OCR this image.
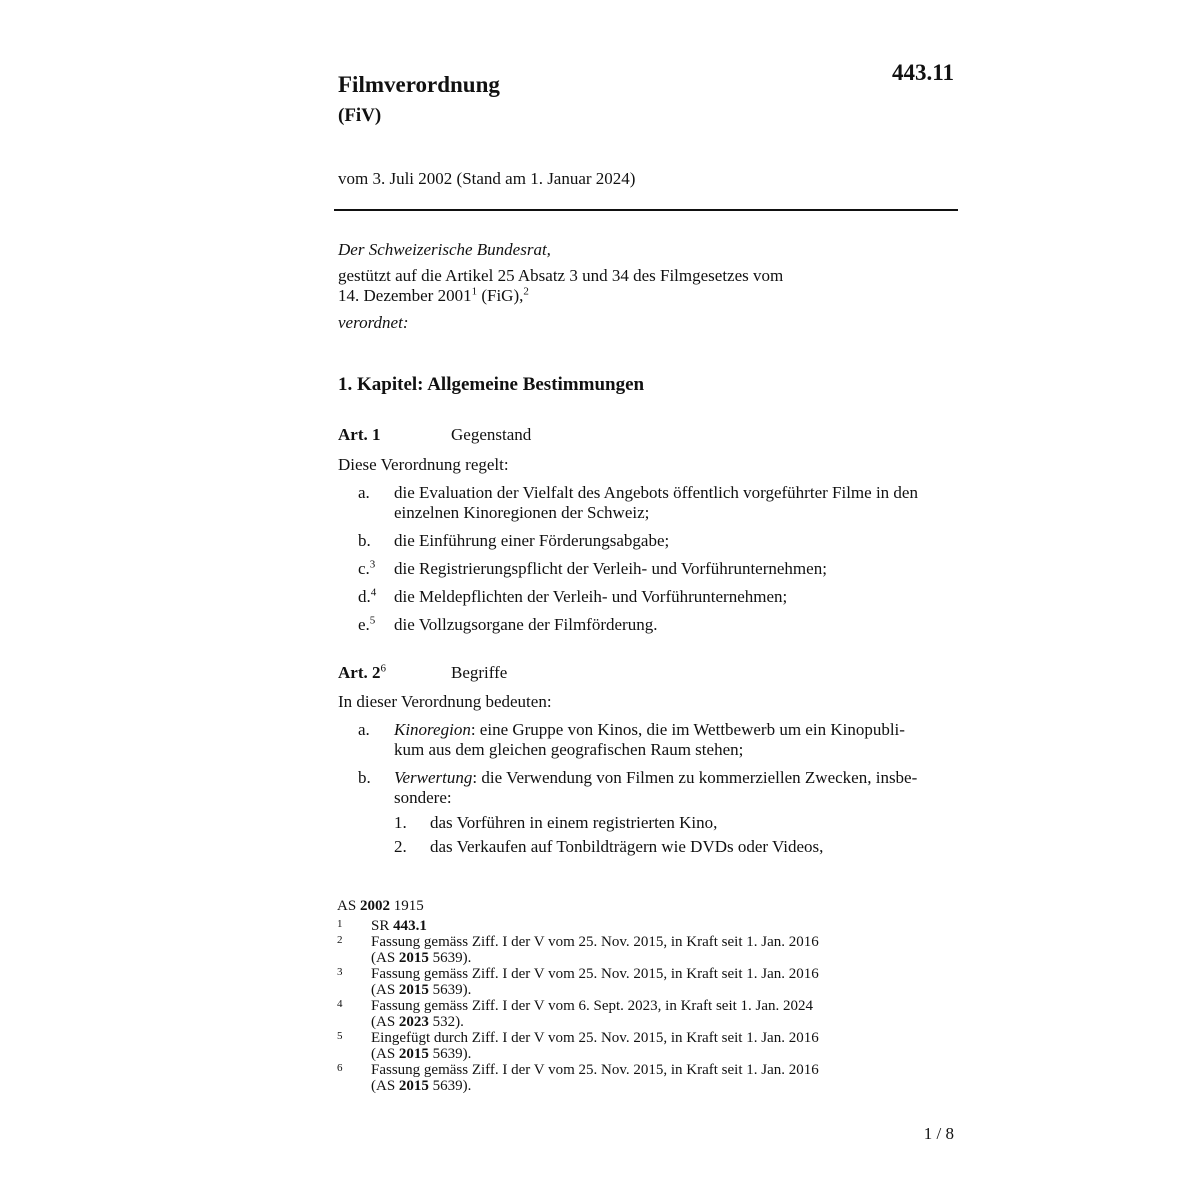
443.11
Filmverordnung
(FiV)
vom 3. Juli 2002 (Stand am 1. Januar 2024)
Der Schweizerische Bundesrat,
gestützt auf die Artikel 25 Absatz 3 und 34 des Filmgesetzes vom
14. Dezember 2001$^1$ (FiG),$^2$
verordnet:
1. Kapitel: Allgemeine Bestimmungen
Art. 1	Gegenstand
Diese Verordnung regelt:
a. die Evaluation der Vielfalt des Angebots öffentlich vorgeführter Filme in den
einzelnen Kinoregionen der Schweiz;
b. die Einführung einer Förderungsabgabe;
c.$^3$ die Registrierungspflicht der Verleih- und Vorführunternehmen;
d.$^4$ die Meldepflichten der Verleih- und Vorführunternehmen;
e.$^5$ die Vollzugsorgane der Filmförderung.
Art. $2^6$	Begriffe
In dieser Verordnung bedeuten:
a. Kinoregion: eine Gruppe von Kinos, die im Wettbewerb um ein Kinopubli-
kum aus dem gleichen geografischen Raum stehen;
b. Verwertung: die Verwendung von Filmen zu kommerziellen Zwecken, insbe-
sondere:
1. das Vorführen in einem registrierten Kino,
2. das Verkaufen auf Tonbildträgern wie DVDs oder Videos,
AS 2002 1915
1 SR 443.1
2 Fassung gemäss Ziff. I der V vom 25. Nov. 2015, in Kraft seit 1. Jan. 2016
(AS 2015 5639).
3 Fassung gemäss Ziff. I der V vom 25. Nov. 2015, in Kraft seit 1. Jan. 2016
(AS 2015 5639).
4 Fassung gemäss Ziff. I der V vom 6. Sept. 2023, in Kraft seit 1. Jan. 2024
(AS 2023 532).
5 Eingefügt durch Ziff. I der V vom 25. Nov. 2015, in Kraft seit 1. Jan. 2016
(AS 2015 5639).
6 Fassung gemäss Ziff. I der V vom 25. Nov. 2015, in Kraft seit 1. Jan. 2016
(AS 2015 5639).
1 / 8
